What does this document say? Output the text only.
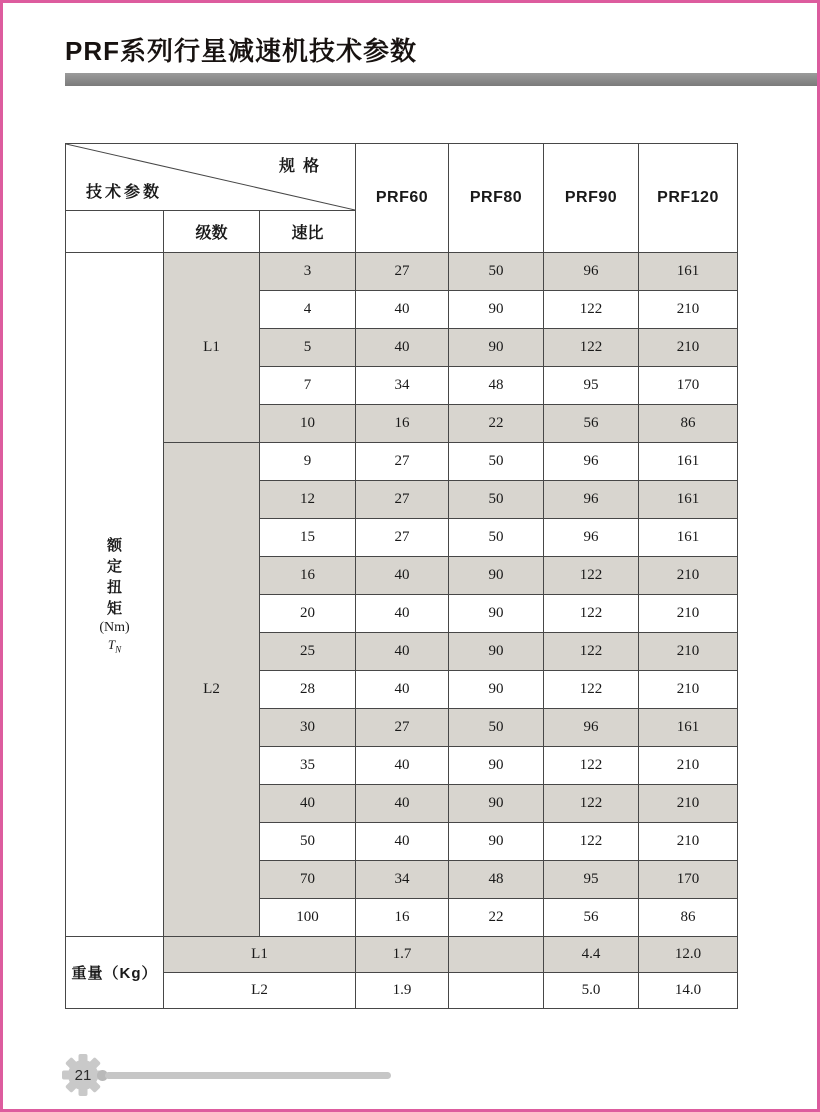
PRF系列行星减速机技术参数
规格
技术参数			PRF60	PRF80	PRF90	PRF120
	级数	速比				

额
定
扭
矩
(Nm)
$T_N$
	L1	3	27	50	96	161
		4	40	90	122	210
		5	40	90	122	210
		7	34	48	95	170
		10	16	22	56	86
	L2	9	27	50	96	161
		12	27	50	96	161
		15	27	50	96	161
		16	40	90	122	210
		20	40	90	122	210
		25	40	90	122	210
		28	40	90	122	210
		30	27	50	96	161
		35	40	90	122	210
		40	40	90	122	210
		50	40	90	122	210
		70	34	48	95	170
		100	16	22	56	86
重量（Kg）	L1		1.7		4.4	12.0
	L2		1.9		5.0	14.0
21
